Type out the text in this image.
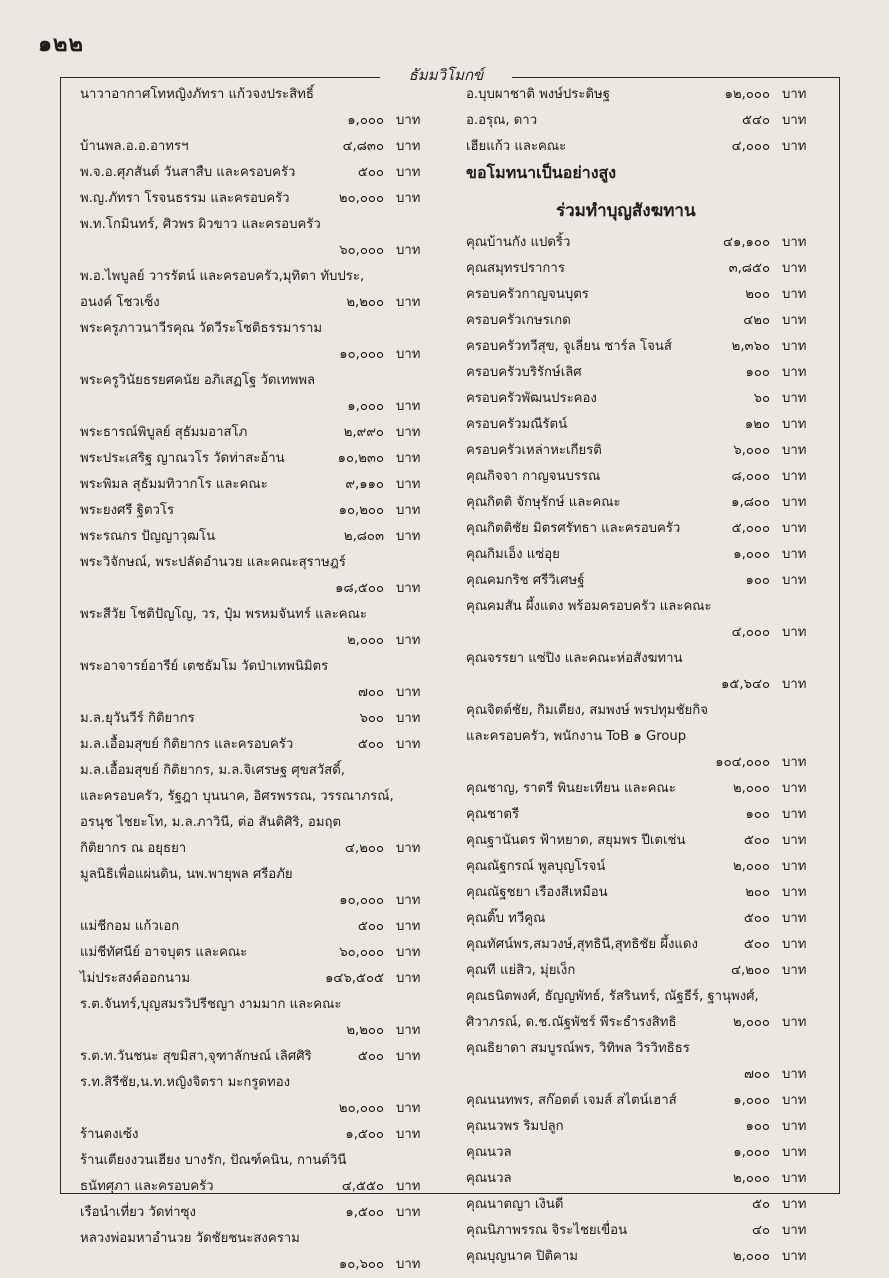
๑๒๒
ธัมมวิโมกข์
นาวาอากาศโทหญิงภัทรา แก้วจงประสิทธิ์
๑,๐๐๐ บาท
บ้านพล.อ.อ.อาทรฯ	๔,๘๓๐ บาท
พ.จ.อ.ศุภสันต์ วันสาสืบ และครอบครัว	๕๐๐ บาท
พ.ญ.ภัทรา โรจนธรรม และครอบครัว	๒๐,๐๐๐ บาท
พ.ท.โกมินทร์, ศิวพร ผิวขาว และครอบครัว
๖๐,๐๐๐ บาท
พ.อ.ไพบูลย์ วารรัตน์ และครอบครัว,มุทิตา ทับประ,
อนงค์ โชวเซ็ง	๒,๒๐๐ บาท
พระครูภาวนาวีรคุณ วัดวีระโชติธรรมาราม
๑๐,๐๐๐ บาท
พระครูวินัยธรยศคนัย อภิเสฏโฐ วัดเทพพล
๑,๐๐๐ บาท
พระธารณ์พิบูลย์ สุธัมมอาสโภ	๒,๙๙๐ บาท
พระประเสริฐ ญาณวโร วัดท่าสะอ้าน	๑๐,๒๓๐ บาท
พระพิมล สุธัมมทิวากโร และคณะ	๙,๑๑๐ บาท
พระยงศรี ฐิตวโร	๑๐,๒๐๐ บาท
พระรณกร ปัญญาวุฒโน	๒,๘๐๓ บาท
พระวิจักษณ์, พระปลัดอำนวย และคณะสุราษฎร์
๑๘,๕๐๐ บาท
พระสีวัย โชติปัญโญ, วร, ปุ๋ม พรหมจันทร์ และคณะ
๒,๐๐๐ บาท
พระอาจารย์อารีย์ เตชธัมโม วัดป่าเทพนิมิตร
๗๐๐ บาท
ม.ล.ยุวันวีร์ กิติยากร	๖๐๐ บาท
ม.ล.เอื้อมสุขย์ กิติยากร และครอบครัว	๕๐๐ บาท
ม.ล.เอื้อมสุขย์ กิติยากร, ม.ล.จิเศรษฐ ศุขสวัสดิ์,
และครอบครัว, รัฐฎา บุนนาค, อิศรพรรณ, วรรณาภรณ์,
อรนุช ไชยะโท, ม.ล.ภาวินี, ต่อ สันติศิริ, อมฤต
กิติยากร ณ อยุธยา	๔,๒๐๐ บาท
มูลนิธิเพื่อแผ่นดิน, นพ.พายุพล ศรีอภัย
๑๐,๐๐๐ บาท
แม่ชีกอม แก้วเอก	๕๐๐ บาท
แม่ชีทัศนีย์ อาจบุตร และคณะ	๖๐,๐๐๐ บาท
ไม่ประสงค์ออกนาม	๑๔๖,๕๐๕ บาท
ร.ต.จันทร์,บุญสมรวิปรีชญา งามมาก และคณะ
๒,๒๐๐ บาท
ร.ต.ท.วันชนะ สุขมิสา,จุฑาลักษณ์ เลิศศิริ	๕๐๐ บาท
ร.ท.สิรีชัย,น.ท.หญิงจิตรา มะกรูดทอง
๒๐,๐๐๐ บาท
ร้านตงเซ้ง	๑,๕๐๐ บาท
ร้านเตียงงวนเฮียง บางรัก, ปัณฑ์คนิน, กานต์วินี
ธนัทศุภา และครอบครัว	๔,๕๕๐ บาท
เรือนำเที่ยว วัดท่าซุง	๑,๕๐๐ บาท
หลวงพ่อมหาอำนวย วัดชัยชนะสงคราม
๑๐,๖๐๐ บาท
อ.บุบผาชาติ พงษ์ประดิษฐ	๑๒,๐๐๐ บาท
อ.อรุณ, ดาว	๕๔๐ บาท
เฮียแก้ว และคณะ	๔,๐๐๐ บาท
ขอโมทนาเป็นอย่างสูง
ร่วมทำบุญสังฆทาน
คุณบ้านกัง แปดริ้ว	๔๑,๑๐๐ บาท
คุณสมุทรปราการ	๓,๘๕๐ บาท
ครอบครัวกาญจนบุตร	๒๐๐ บาท
ครอบครัวเกษรเกด	๔๒๐ บาท
ครอบครัวทวีสุข, จูเลี่ยน ชาร์ล โจนส์	๒,๓๖๐ บาท
ครอบครัวบริรักษ์เลิศ	๑๐๐ บาท
ครอบครัวพัฒนประคอง	๖๐ บาท
ครอบครัวมณีรัตน์	๑๒๐ บาท
ครอบครัวเหล่าหะเกียรติ	๖,๐๐๐ บาท
คุณกิจจา กาญจนบรรณ	๘,๐๐๐ บาท
คุณกิตติ จักษุรักษ์ และคณะ	๑,๘๐๐ บาท
คุณกิตติชัย มิตรศรัทธา และครอบครัว	๕,๐๐๐ บาท
คุณกิมเอ็ง แซ่อุย	๑,๐๐๐ บาท
คุณคมกริช ศรีวิเศษฐ์	๑๐๐ บาท
คุณคมสัน ผึ้งแดง พร้อมครอบครัว และคณะ
๔,๐๐๐ บาท
คุณจรรยา แซ่ปิง และคณะห่อสังฆทาน
๑๕,๖๔๐ บาท
คุณจิตต์ชัย, กิมเตียง, สมพงษ์ พรปทุมชัยกิจ
และครอบครัว, พนักงาน ToB ๑ Group
๑๐๔,๐๐๐ บาท
คุณชาญ, ราตรี พินยะเทียน และคณะ	๒,๐๐๐ บาท
คุณชาตรี	๑๐๐ บาท
คุณฐานันดร ฟ้าหยาด, สยุมพร ปีเตเช่น	๕๐๐ บาท
คุณณัฐกรณ์ พูลบุญโรจน์	๒,๐๐๐ บาท
คุณณัฐชยา เรืองสีเหมือน	๒๐๐ บาท
คุณติ๊บ ทวีคูณ	๕๐๐ บาท
คุณทัศน์พร,สมวงษ์,สุทธินี,สุทธิชัย ผึ้งแดง	๕๐๐ บาท
คุณที แย่สิว, มุ่ยเง็ก	๔,๒๐๐ บาท
คุณธนิตพงศ์, ธัญญพัทธ์, รัสรินทร์, ณัฐธีร์, ฐานุพงศ์,
ศิวาภรณ์, ด.ช.ณัฐพัชร์ พีระธำรงสิทธิ	๒,๐๐๐ บาท
คุณธิยาดา สมบูรณ์พร, วิทิพล วิรวิทธิธร
๗๐๐ บาท
คุณนนทพร, สก๊อตต์ เจมส์ สไตน์เฮาส์	๑,๐๐๐ บาท
คุณนวพร ริมปลูก	๑๐๐ บาท
คุณนวล	๑,๐๐๐ บาท
คุณนวล	๒,๐๐๐ บาท
คุณนาตญา เงินดี	๕๐ บาท
คุณนิภาพรรณ จิระไชยเขื่อน	๔๐ บาท
คุณบุญนาค ปิติคาม	๒,๐๐๐ บาท
